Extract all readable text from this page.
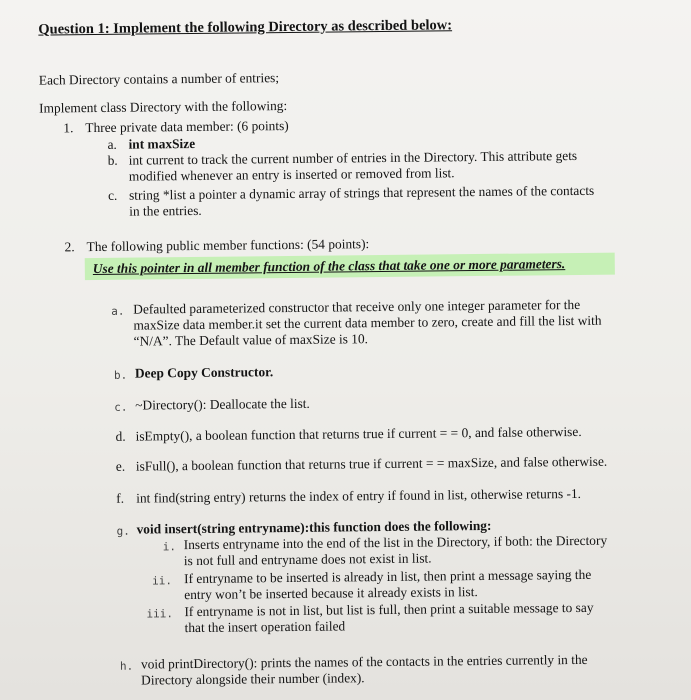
Question 1: Implement the following Directory as described below:
Each Directory contains a number of entries;
Implement class Directory with the following:
1. Three private data member: (6 points)
a. int maxSize
b. int current to track the current number of entries in the Directory. This attribute gets
modified whenever an entry is inserted or removed from list.
c. string *list a pointer a dynamic array of strings that represent the names of the contacts
in the entries.
2. The following public member functions: (54 points):
Use this pointer in all member function of the class that take one or more parameters.
a. Defaulted parameterized constructor that receive only one integer parameter for the
maxSize data member.it set the current data member to zero, create and fill the list with
“N/A”. The Default value of maxSize is 10.
b. Deep Copy Constructor.
c. ~Directory(): Deallocate the list.
d. isEmpty(), a boolean function that returns true if current = = 0, and false otherwise.
e. isFull(), a boolean function that returns true if current = = maxSize, and false otherwise.
f. int find(string entry) returns the index of entry if found in list, otherwise returns -1.
g. void insert(string entryname):this function does the following:
i. Inserts entryname into the end of the list in the Directory, if both: the Directory
is not full and entryname does not exist in list.
ii. If entryname to be inserted is already in list, then print a message saying the
entry won’t be inserted because it already exists in list.
iii. If entryname is not in list, but list is full, then print a suitable message to say
that the insert operation failed
h. void printDirectory(): prints the names of the contacts in the entries currently in the
Directory alongside their number (index).
